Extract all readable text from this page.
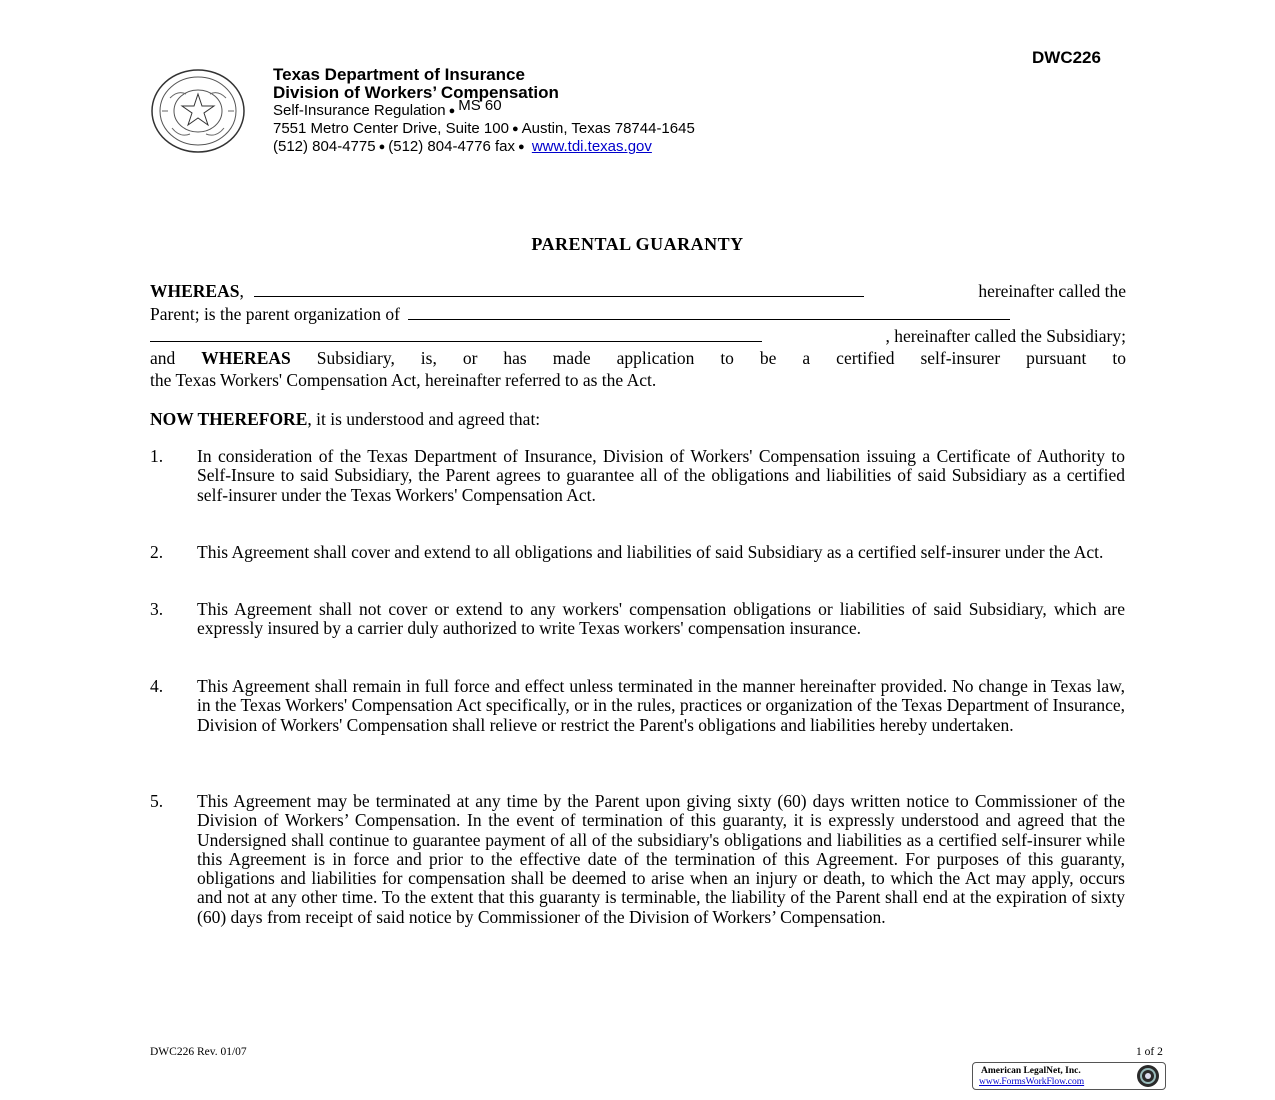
DWC226
Texas Department of Insurance
Division of Workers’ Compensation
Self-Insurance Regulation ● MS 60
7551 Metro Center Drive, Suite 100 ● Austin, Texas 78744-1645
(512) 804-4775 ● (512) 804-4776 fax ● www.tdi.texas.gov
PARENTAL GUARANTY
WHEREAS,	hereinafter called the
Parent; is the parent organization of
, hereinafter called the Subsidiary;
and WHEREAS Subsidiary, is, or has made application to be a certified self-insurer pursuant to
the Texas Workers' Compensation Act, hereinafter referred to as the Act.
NOW THEREFORE, it is understood and agreed that:
1. In consideration of the Texas Department of Insurance, Division of Workers' Compensation issuing a Certificate of Authority to Self-Insure to said Subsidiary, the Parent agrees to guarantee all of the obligations and liabilities of said Subsidiary as a certified self-insurer under the Texas Workers' Compensation Act.
2. This Agreement shall cover and extend to all obligations and liabilities of said Subsidiary as a certified self-insurer under the Act.
3. This Agreement shall not cover or extend to any workers' compensation obligations or liabilities of said Subsidiary, which are expressly insured by a carrier duly authorized to write Texas workers' compensation insurance.
4. This Agreement shall remain in full force and effect unless terminated in the manner hereinafter provided. No change in Texas law, in the Texas Workers' Compensation Act specifically, or in the rules, practices or organization of the Texas Department of Insurance, Division of Workers' Compensation shall relieve or restrict the Parent's obligations and liabilities hereby undertaken.
5. This Agreement may be terminated at any time by the Parent upon giving sixty (60) days written notice to Commissioner of the Division of Workers’ Compensation. In the event of termination of this guaranty, it is expressly understood and agreed that the Undersigned shall continue to guarantee payment of all of the subsidiary's obligations and liabilities as a certified self-insurer while this Agreement is in force and prior to the effective date of the termination of this Agreement. For purposes of this guaranty, obligations and liabilities for compensation shall be deemed to arise when an injury or death, to which the Act may apply, occurs and not at any other time. To the extent that this guaranty is terminable, the liability of the Parent shall end at the expiration of sixty (60) days from receipt of said notice by Commissioner of the Division of Workers’ Compensation.
DWC226 Rev. 01/07	1 of 2
American LegalNet, Inc.
www.FormsWorkFlow.com
